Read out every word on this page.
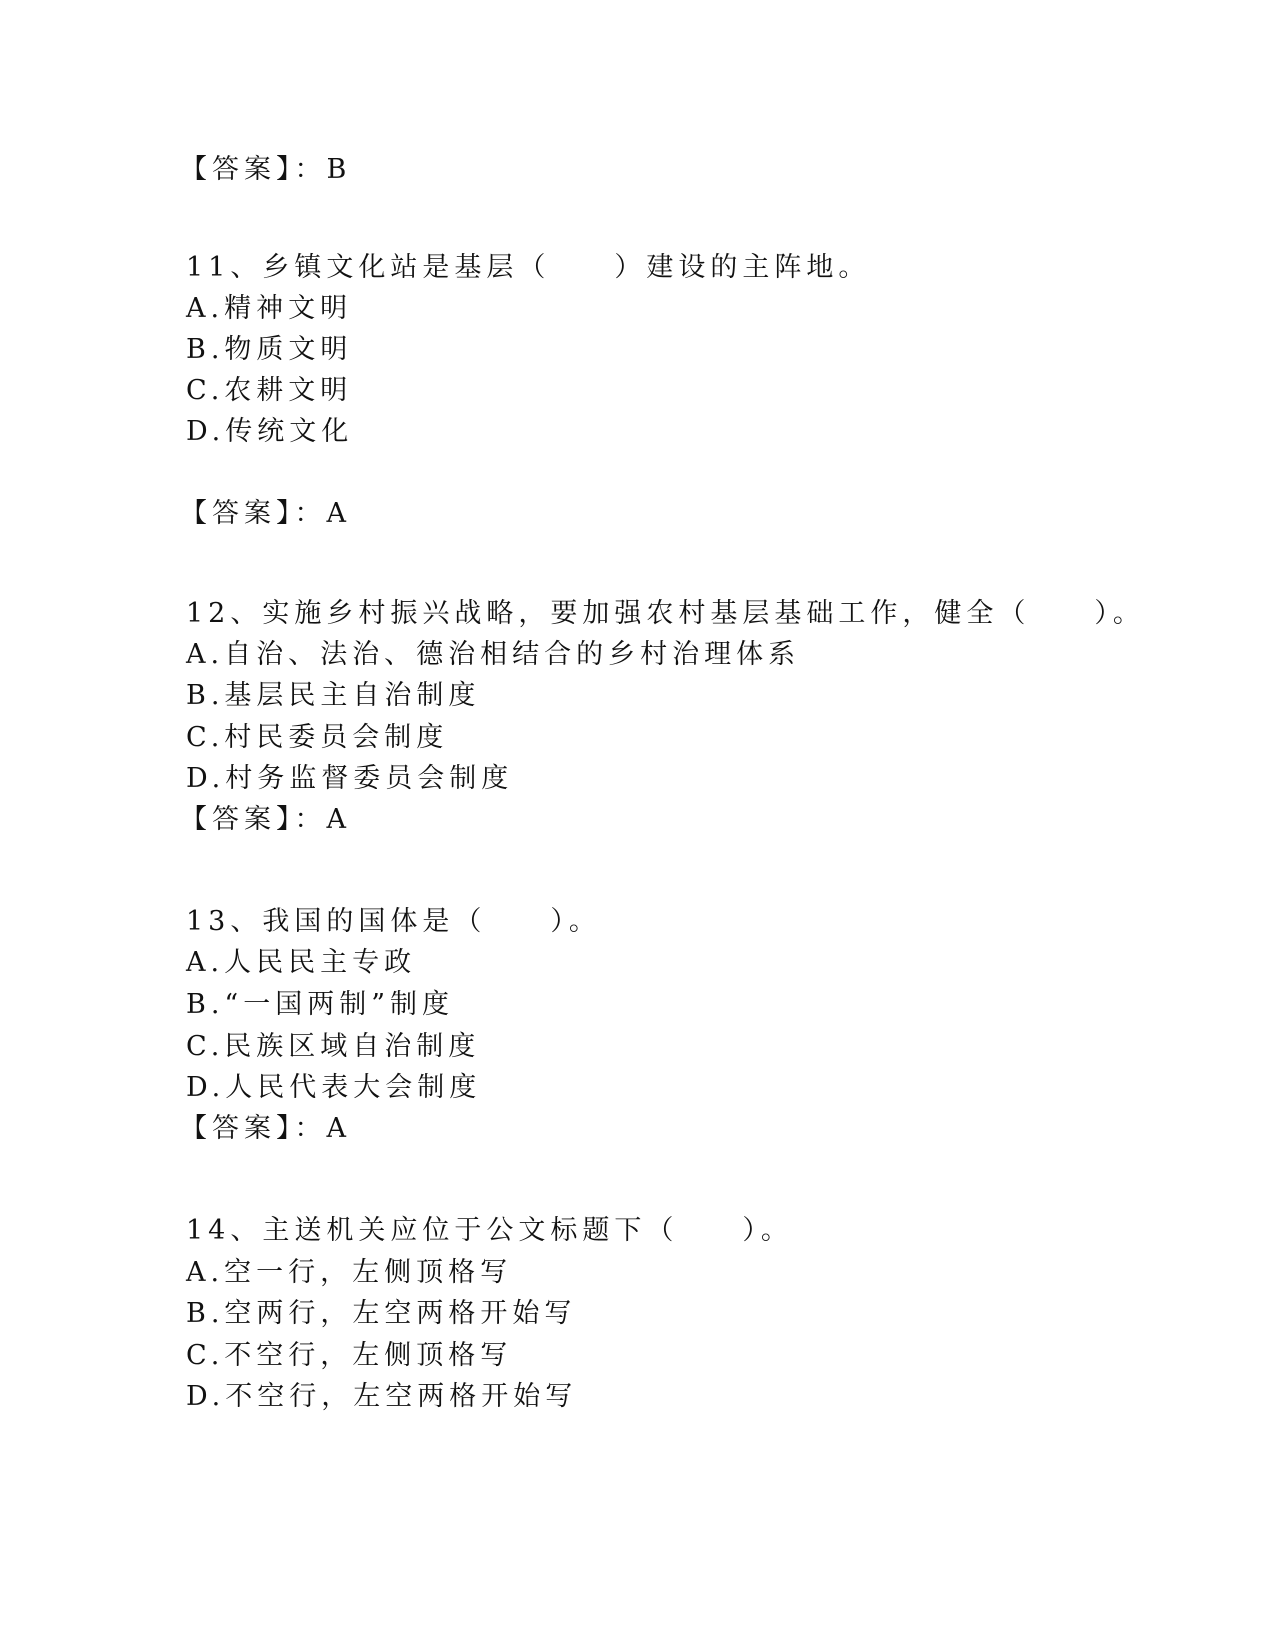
【答案】：B
11、乡镇文化站是基层（　　）建设的主阵地。
A.精神文明
B.物质文明
C.农耕文明
D.传统文化
【答案】：A
12、实施乡村振兴战略，要加强农村基层基础工作，健全（　　）。
A.自治、法治、德治相结合的乡村治理体系
B.基层民主自治制度
C.村民委员会制度
D.村务监督委员会制度
【答案】：A
13、我国的国体是（　　）。
A.人民民主专政
B.“一国两制”制度
C.民族区域自治制度
D.人民代表大会制度
【答案】：A
14、主送机关应位于公文标题下（　　）。
A.空一行，左侧顶格写
B.空两行，左空两格开始写
C.不空行，左侧顶格写
D.不空行，左空两格开始写
